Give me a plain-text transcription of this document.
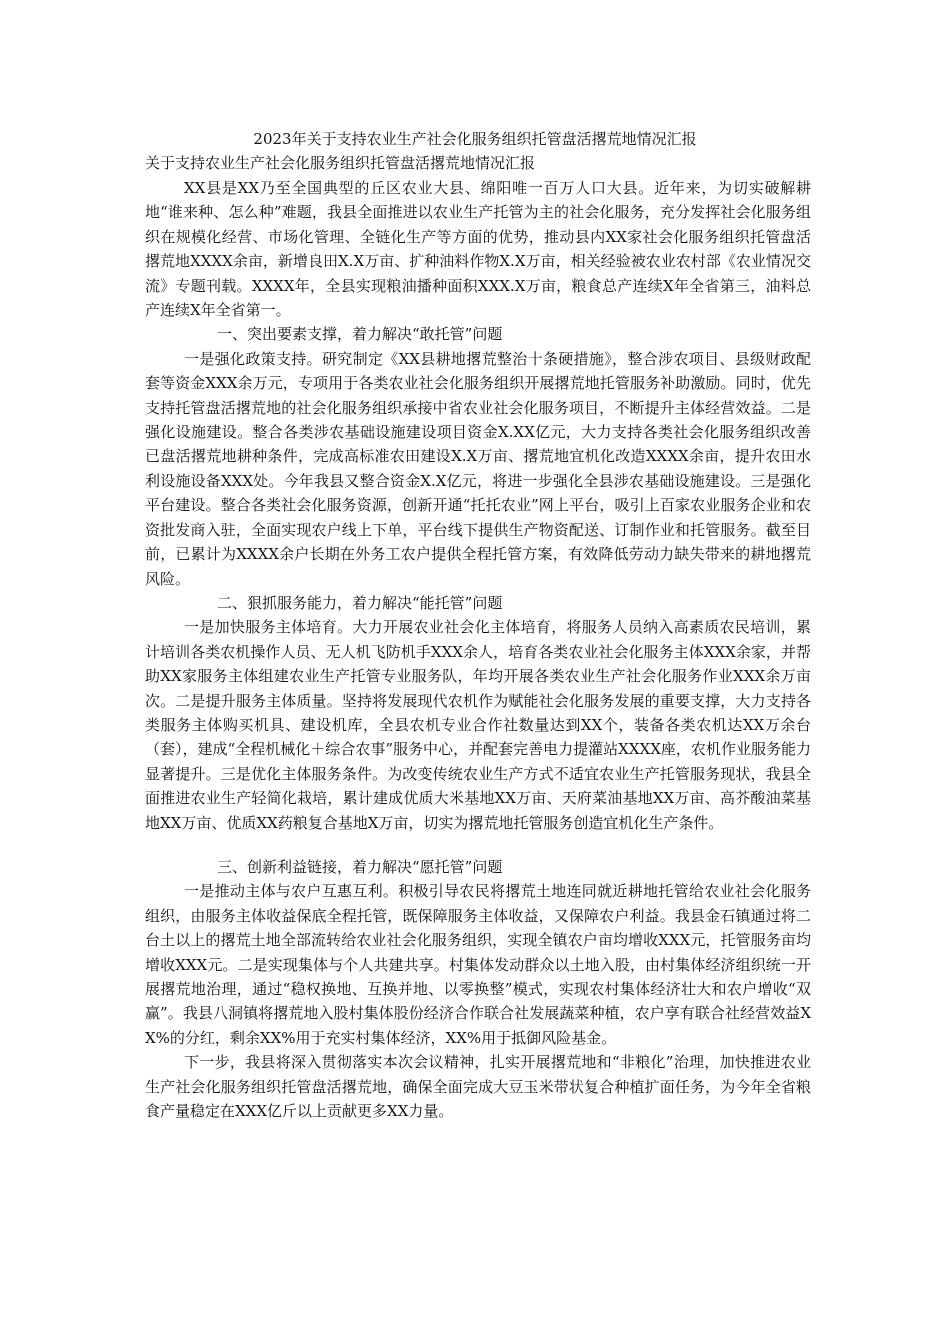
2023年关于支持农业生产社会化服务组织托管盘活撂荒地情况汇报

关于支持农业生产社会化服务组织托管盘活撂荒地情况汇报

XX县是XX乃至全国典型的丘区农业大县、绵阳唯一百万人口大县。近年来，为切实破解耕地“谁来种、怎么种”难题，我县全面推进以农业生产托管为主的社会化服务，充分发挥社会化服务组织在规模化经营、市场化管理、全链化生产等方面的优势，推动县内XX家社会化服务组织托管盘活撂荒地XXXX余亩，新增良田X.X万亩、扩种油料作物X.X万亩，相关经验被农业农村部《农业情况交流》专题刊载。XXXX年，全县实现粮油播种面积XXX.X万亩，粮食总产连续X年全省第三，油料总产连续X年全省第一。

一、突出要素支撑，着力解决“敢托管”问题

一是强化政策支持。研究制定《XX县耕地撂荒整治十条硬措施》，整合涉农项目、县级财政配套等资金XXX余万元，专项用于各类农业社会化服务组织开展撂荒地托管服务补助激励。同时，优先支持托管盘活撂荒地的社会化服务组织承接中省农业社会化服务项目，不断提升主体经营效益。二是强化设施建设。整合各类涉农基础设施建设项目资金X.XX亿元，大力支持各类社会化服务组织改善已盘活撂荒地耕种条件，完成高标准农田建设X.X万亩、撂荒地宜机化改造XXXX余亩，提升农田水利设施设备XXX处。今年我县又整合资金X.X亿元，将进一步强化全县涉农基础设施建设。三是强化平台建设。整合各类社会化服务资源，创新开通“托托农业”网上平台，吸引上百家农业服务企业和农资批发商入驻，全面实现农户线上下单，平台线下提供生产物资配送、订制作业和托管服务。截至目前，已累计为XXXX余户长期在外务工农户提供全程托管方案，有效降低劳动力缺失带来的耕地撂荒风险。

二、狠抓服务能力，着力解决“能托管”问题

一是加快服务主体培育。大力开展农业社会化主体培育，将服务人员纳入高素质农民培训，累计培训各类农机操作人员、无人机飞防机手XXX余人，培育各类农业社会化服务主体XXX余家，并帮助XX家服务主体组建农业生产托管专业服务队，年均开展各类农业生产社会化服务作业XXX余万亩次。二是提升服务主体质量。坚持将发展现代农机作为赋能社会化服务发展的重要支撑，大力支持各类服务主体购买机具、建设机库，全县农机专业合作社数量达到XX个，装备各类农机达XX万余台（套），建成“全程机械化＋综合农事”服务中心，并配套完善电力提灌站XXXX座，农机作业服务能力显著提升。三是优化主体服务条件。为改变传统农业生产方式不适宜农业生产托管服务现状，我县全面推进农业生产轻简化栽培，累计建成优质大米基地XX万亩、天府菜油基地XX万亩、高芥酸油菜基地XX万亩、优质XX药粮复合基地X万亩，切实为撂荒地托管服务创造宜机化生产条件。

三、创新利益链接，着力解决“愿托管”问题

一是推动主体与农户互惠互利。积极引导农民将撂荒土地连同就近耕地托管给农业社会化服务组织，由服务主体收益保底全程托管，既保障服务主体收益，又保障农户利益。我县金石镇通过将二台土以上的撂荒土地全部流转给农业社会化服务组织，实现全镇农户亩均增收XXX元，托管服务亩均增收XXX元。二是实现集体与个人共建共享。村集体发动群众以土地入股，由村集体经济组织统一开展撂荒地治理，通过“稳权换地、互换并地、以零换整”模式，实现农村集体经济壮大和农户增收“双赢”。我县八洞镇将撂荒地入股村集体股份经济合作联合社发展蔬菜种植，农户享有联合社经营效益XX%的分红，剩余XX%用于充实村集体经济，XX%用于抵御风险基金。

下一步，我县将深入贯彻落实本次会议精神，扎实开展撂荒地和“非粮化”治理，加快推进农业生产社会化服务组织托管盘活撂荒地，确保全面完成大豆玉米带状复合种植扩面任务，为今年全省粮食产量稳定在XXX亿斤以上贡献更多XX力量。
